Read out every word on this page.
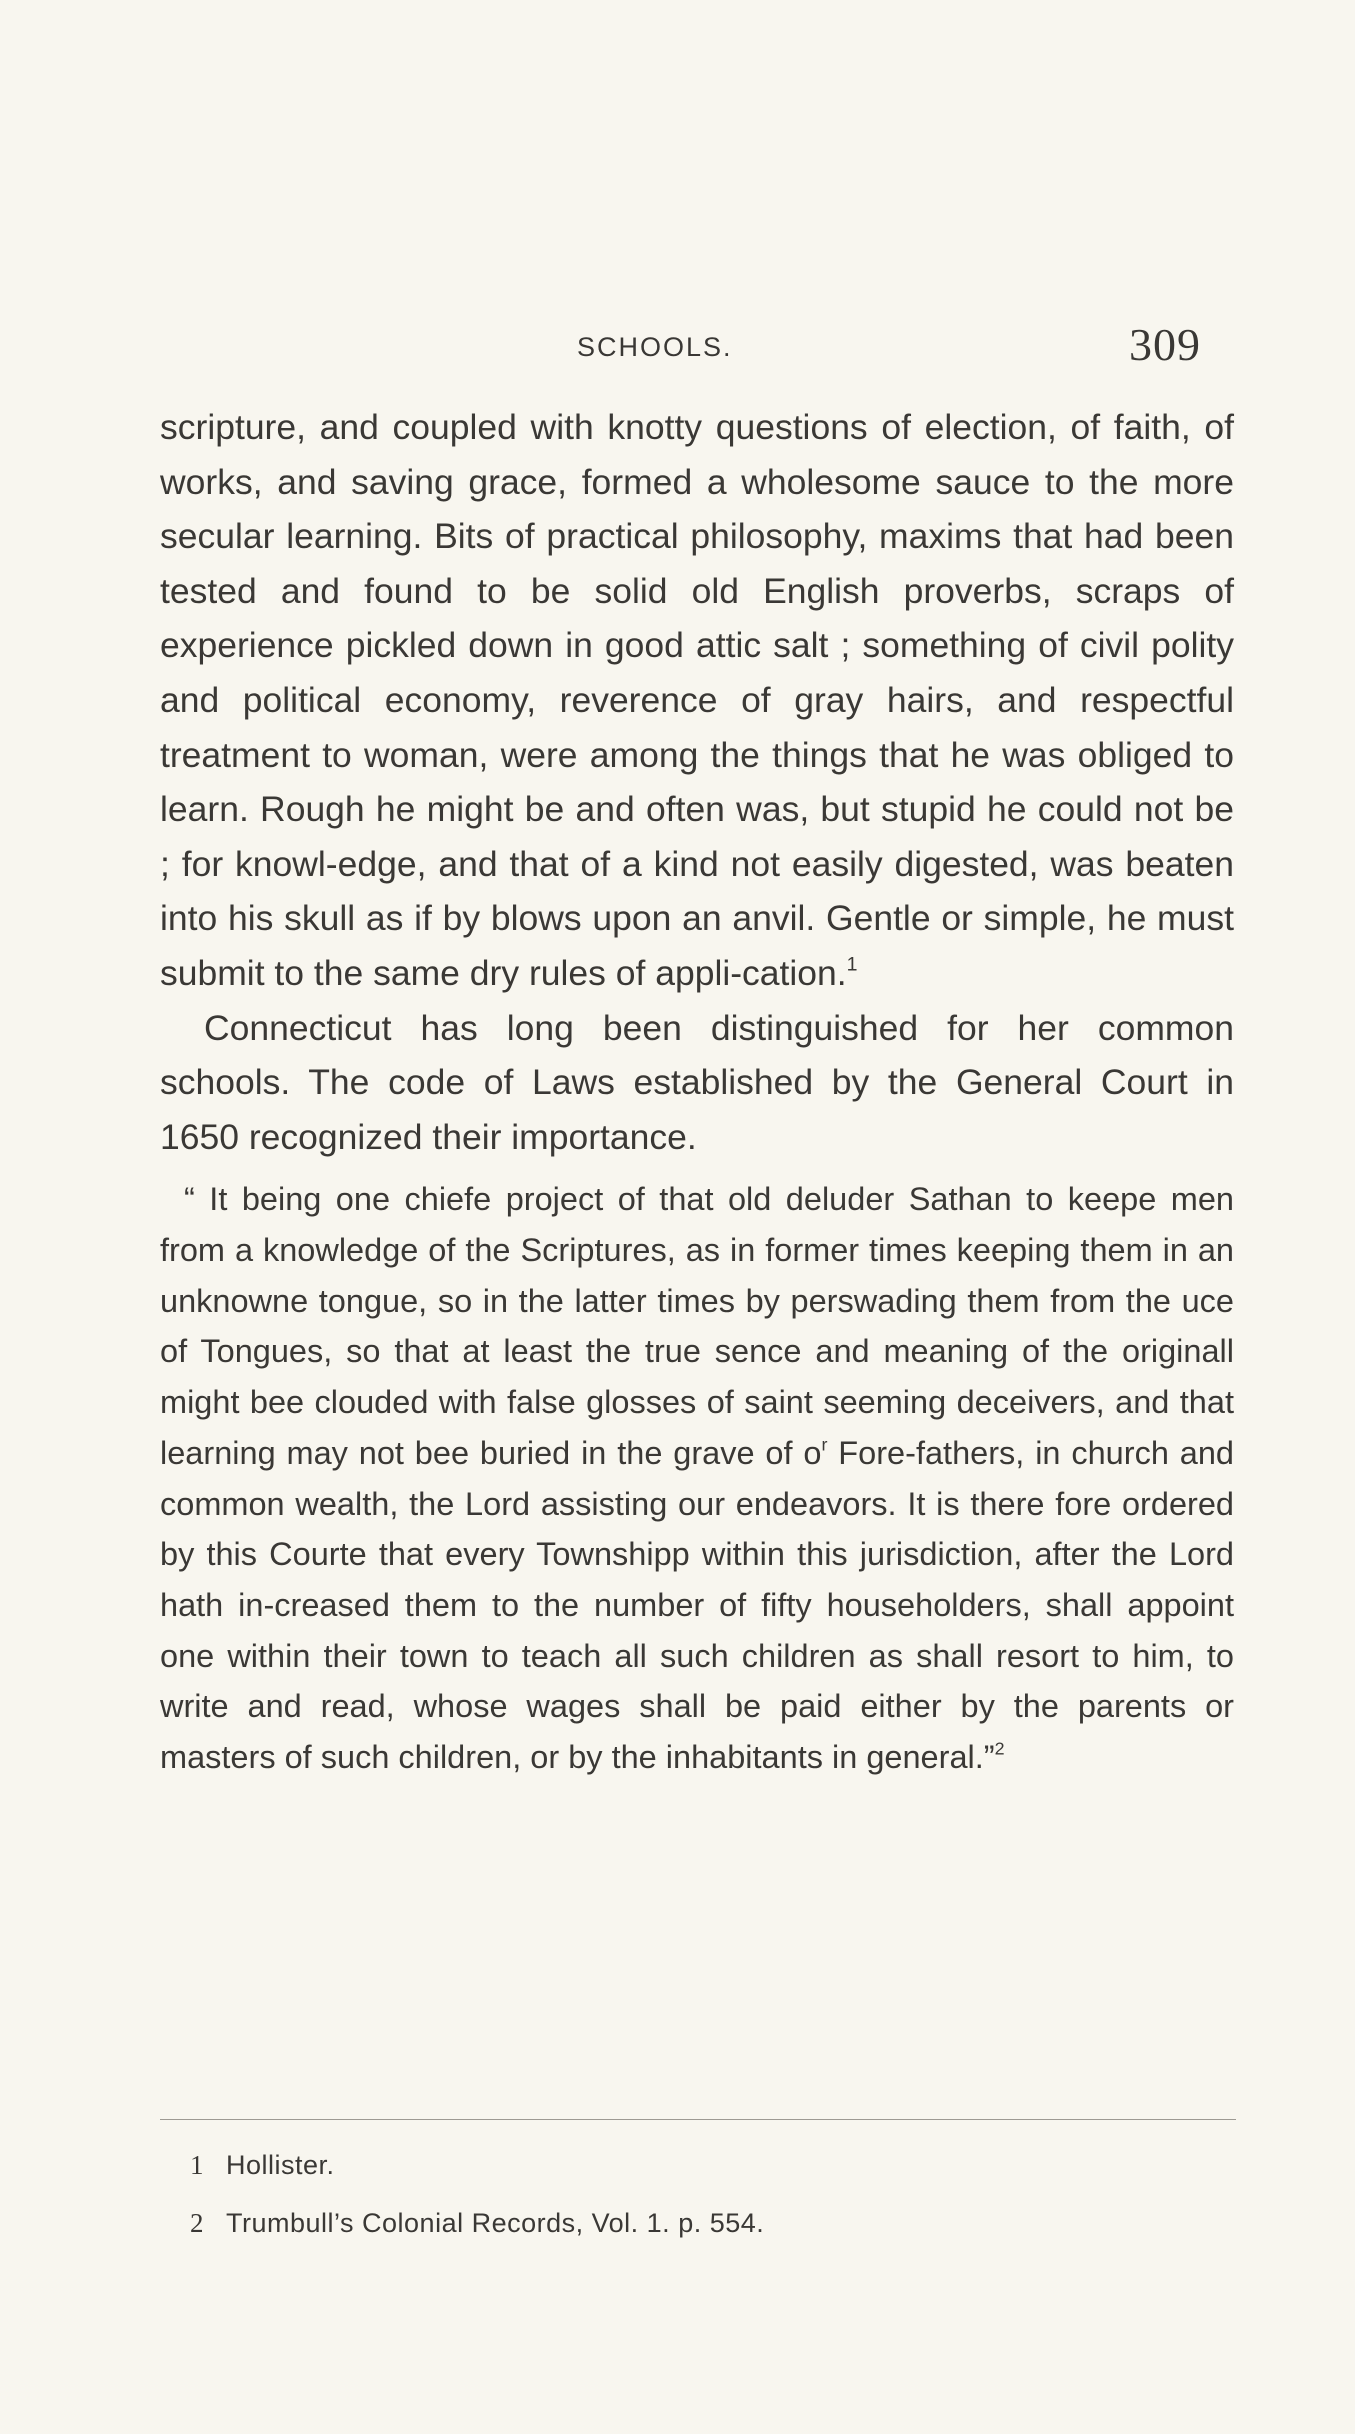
SCHOOLS.	309

scripture, and coupled with knotty questions of election, of faith, of works, and saving grace, formed a wholesome sauce to the more secular learning. Bits of practical philosophy, maxims that had been tested and found to be solid old English proverbs, scraps of experience pickled down in good attic salt ; something of civil polity and political economy, reverence of gray hairs, and respectful treatment to woman, were among the things that he was obliged to learn. Rough he might be and often was, but stupid he could not be ; for knowl-edge, and that of a kind not easily digested, was beaten into his skull as if by blows upon an anvil. Gentle or simple, he must submit to the same dry rules of appli-cation.$^1$

Connecticut has long been distinguished for her common schools. The code of Laws established by the General Court in 1650 recognized their importance.

“ It being one chiefe project of that old deluder Sathan to keepe men from a knowledge of the Scriptures, as in former times keeping them in an unknowne tongue, so in the latter times by perswading them from the uce of Tongues, so that at least the true sence and meaning of the originall might bee clouded with false glosses of saint seeming deceivers, and that learning may not bee buried in the grave of $o^r$ Fore-fathers, in church and common wealth, the Lord assisting our endeavors. It is there fore ordered by this Courte that every Townshipp within this jurisdiction, after the Lord hath in-creased them to the number of fifty householders, shall appoint one within their town to teach all such children as shall resort to him, to write and read, whose wages shall be paid either by the parents or masters of such children, or by the inhabitants in general.”$^2$

1 Hollister.

2 Trumbull’s Colonial Records, Vol. 1. p. 554.
